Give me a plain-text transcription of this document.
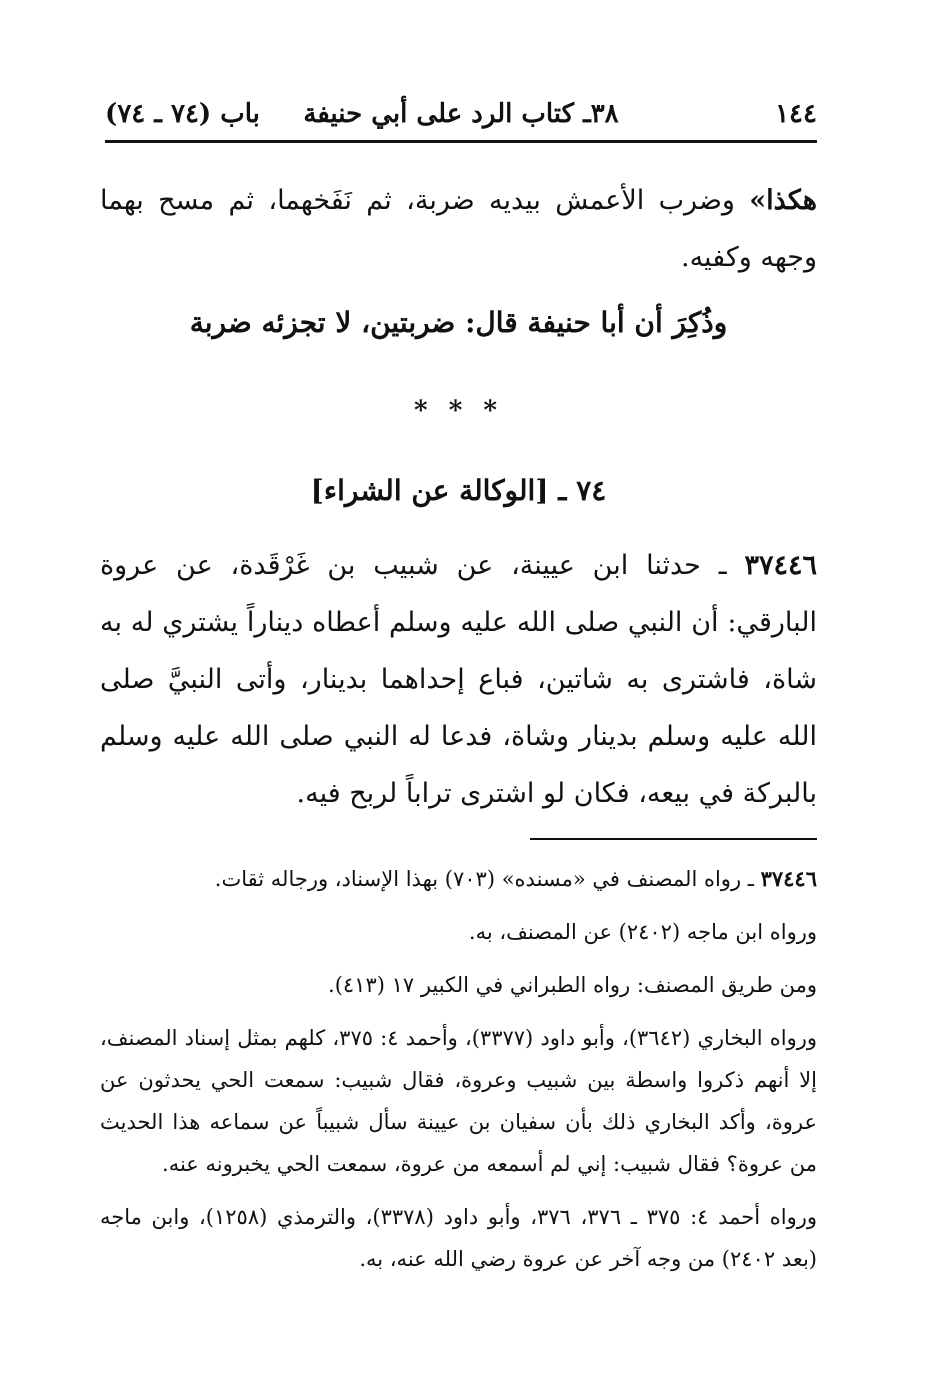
١٤٤
٣٨ـ كتاب الرد على أبي حنيفة
باب (٧٤ ـ ٧٤)
هكذا» وضرب الأعمش بيديه ضربة، ثم نَفَخهما، ثم مسح بهما وجهه وكفيه.
وذُكِرَ أن أبا حنيفة قال: ضربتين، لا تجزئه ضربة
* * *
٧٤ ـ [الوكالة عن الشراء]
٣٧٤٤٦ ـ حدثنا ابن عيينة، عن شبيب بن غَرْقَدة، عن عروة البارقي: أن النبي صلى الله عليه وسلم أعطاه ديناراً يشتري له به شاة، فاشترى به شاتين، فباع إحداهما بدينار، وأتى النبيَّ صلى الله عليه وسلم بدينار وشاة، فدعا له النبي صلى الله عليه وسلم بالبركة في بيعه، فكان لو اشترى تراباً لربح فيه.

٣٧٤٤٦ ـ رواه المصنف في «مسنده» (٧٠٣) بهذا الإسناد، ورجاله ثقات.

ورواه ابن ماجه (٢٤٠٢) عن المصنف، به.

ومن طريق المصنف: رواه الطبراني في الكبير ١٧ (٤١٣).

ورواه البخاري (٣٦٤٢)، وأبو داود (٣٣٧٧)، وأحمد ٤: ٣٧٥، كلهم بمثل إسناد المصنف، إلا أنهم ذكروا واسطة بين شبيب وعروة، فقال شبيب: سمعت الحي يحدثون عن عروة، وأكد البخاري ذلك بأن سفيان بن عيينة سأل شبيباً عن سماعه هذا الحديث من عروة؟ فقال شبيب: إني لم أسمعه من عروة، سمعت الحي يخبرونه عنه.

ورواه أحمد ٤: ٣٧٥ ـ ٣٧٦، ٣٧٦، وأبو داود (٣٣٧٨)، والترمذي (١٢٥٨)، وابن ماجه (بعد ٢٤٠٢) من وجه آخر عن عروة رضي الله عنه، به.
